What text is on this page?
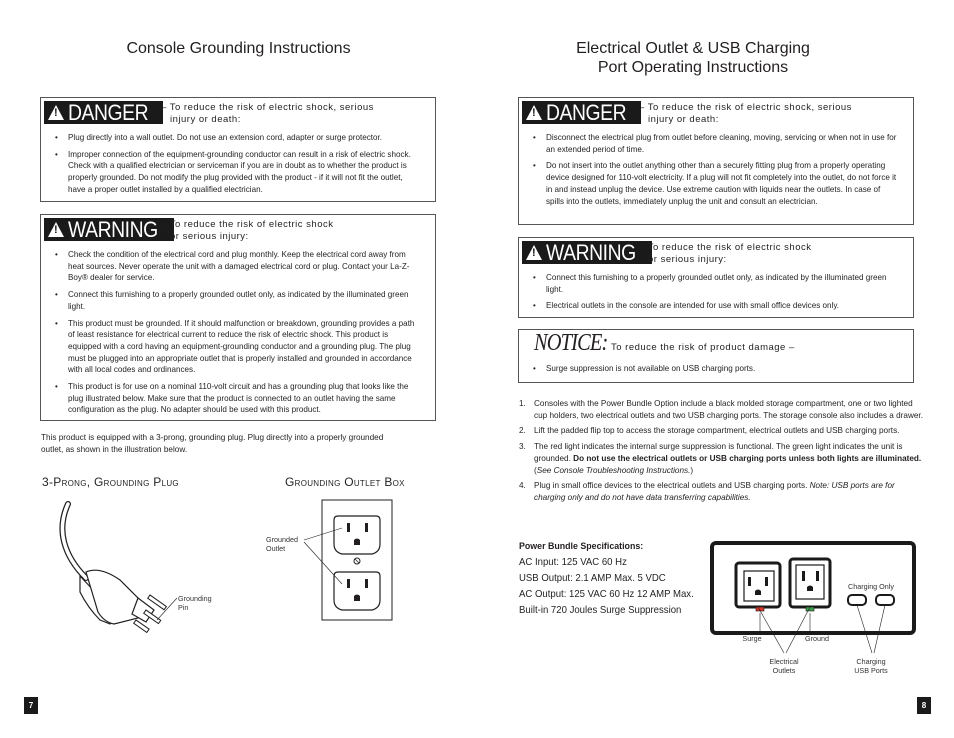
Console Grounding Instructions
!
DANGER – To reduce the risk of electric shock, serious
injury or death:
• Plug directly into a wall outlet. Do not use an extension cord, adapter or surge protector.
• Improper connection of the equipment-grounding conductor can result in a risk of electric shock. Check with a qualified electrician or serviceman if you are in doubt as to whether the product is properly grounded. Do not modify the plug provided with the product - if it will not fit the outlet, have a proper outlet installed by a qualified electrician.
!
WARNING – To reduce the risk of electric shock
or serious injury:
• Check the condition of the electrical cord and plug monthly. Keep the electrical cord away from heat sources. Never operate the unit with a damaged electrical cord or plug. Contact your La-Z-Boy® dealer for service.
• Connect this furnishing to a properly grounded outlet only, as indicated by the illuminated green light.
• This product must be grounded. If it should malfunction or breakdown, grounding provides a path of least resistance for electrical current to reduce the risk of electric shock. This product is equipped with a cord having an equipment-grounding conductor and a grounding plug. The plug must be plugged into an appropriate outlet that is properly installed and grounded in accordance with all local codes and ordinances.
• This product is for use on a nominal 110-volt circuit and has a grounding plug that looks like the plug illustrated below. Make sure that the product is connected to an outlet having the same configuration as the plug. No adapter should be used with this product.
This product is equipped with a 3-prong, grounding plug. Plug directly into a properly grounded
outlet, as shown in the illustration below.
3-Prong, Grounding Plug	Grounding Outlet Box
Grounding
Pin
Grounded
Outlet
7
Electrical Outlet & USB Charging
Port Operating Instructions
!
DANGER – To reduce the risk of electric shock, serious
injury or death:
• Disconnect the electrical plug from outlet before cleaning, moving, servicing or when not in use for an extended period of time.
• Do not insert into the outlet anything other than a securely fitting plug from a properly operating device designed for 110-volt electricity. If a plug will not fit completely into the outlet, do not force it in and instead unplug the device. Use extreme caution with liquids near the outlets. In case of spills into the outlets, immediately unplug the unit and consult an electrician.
!
WARNING – To reduce the risk of electric shock
or serious injury:
• Connect this furnishing to a properly grounded outlet only, as indicated by the illuminated green light.
• Electrical outlets in the console are intended for use with small office devices only.
NOTICE: To reduce the risk of product damage –
• Surge suppression is not available on USB charging ports.
1. Consoles with the Power Bundle Option include a black molded storage compartment, one or two lighted cup holders, two electrical outlets and two USB charging ports. The storage console also includes a drawer.
2. Lift the padded flip top to access the storage compartment, electrical outlets and USB charging ports.
3. The red light indicates the internal surge suppression is functional. The green light indicates the unit is grounded. Do not use the electrical outlets or USB charging ports unless both lights are illuminated. (See Console Troubleshooting Instructions.)
4. Plug in small office devices to the electrical outlets and USB charging ports. Note: USB ports are for charging only and do not have data transferring capabilities.
8
Power Bundle Specifications:
AC Input: 125 VAC 60 Hz
USB Output: 2.1 AMP Max. 5 VDC
AC Output: 125 VAC 60 Hz 12 AMP Max.
Built-in 720 Joules Surge Suppression
Charging Only
Surge	Ground
Electrical
Outlets
Charging
USB Ports
